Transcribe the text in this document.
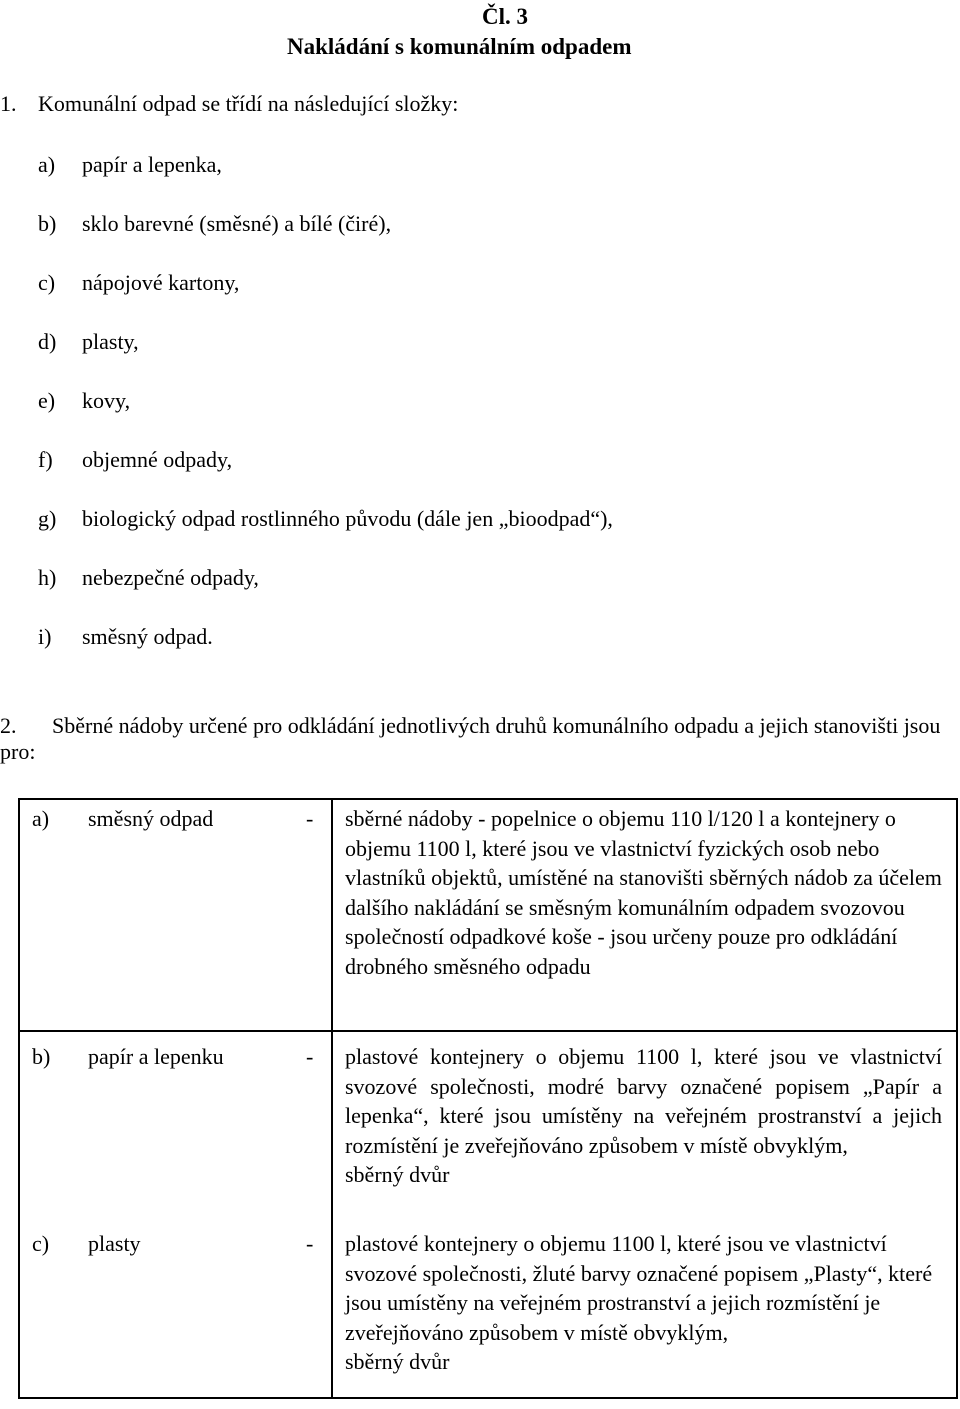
Čl. 3
Nakládání s komunálním odpadem
1. Komunální odpad se třídí na následující složky:
a) papír a lepenka,
b) sklo barevné (směsné) a bílé (čiré),
c) nápojové kartony,
d) plasty,
e) kovy,
f) objemné odpady,
g) biologický odpad rostlinného původu (dále jen „bioodpad“),
h) nebezpečné odpady,
i) směsný odpad.
2. Sběrné nádoby určené pro odkládání jednotlivých druhů komunálního odpadu a jejich stanovišti jsou pro:
a)	směsný odpad	-	sběrné nádoby - popelnice o objemu 110 l/120 l a kontejnery o objemu 1100 l, které jsou ve vlastnictví fyzických osob nebo vlastníků objektů, umístěné na stanovišti sběrných nádob za účelem dalšího nakládání se směsným komunálním odpadem svozovou společností odpadkové koše - jsou určeny pouze pro odkládání drobného směsného odpadu
b)	papír a lepenku	-	plastové kontejnery o objemu 1100 l, které jsou ve vlastnictví svozové společnosti, modré barvy označené popisem „Papír a lepenka“, které jsou umístěny na veřejném prostranství a jejich rozmístění je zveřejňováno způsobem v místě obvyklým,
sběrný dvůr

c)	plasty	-	plastové kontejnery o objemu 1100 l, které jsou ve vlastnictví svozové společnosti, žluté barvy označené popisem „Plasty“, které jsou umístěny na veřejném prostranství a jejich rozmístění je zveřejňováno způsobem v místě obvyklým,
sběrný dvůr
